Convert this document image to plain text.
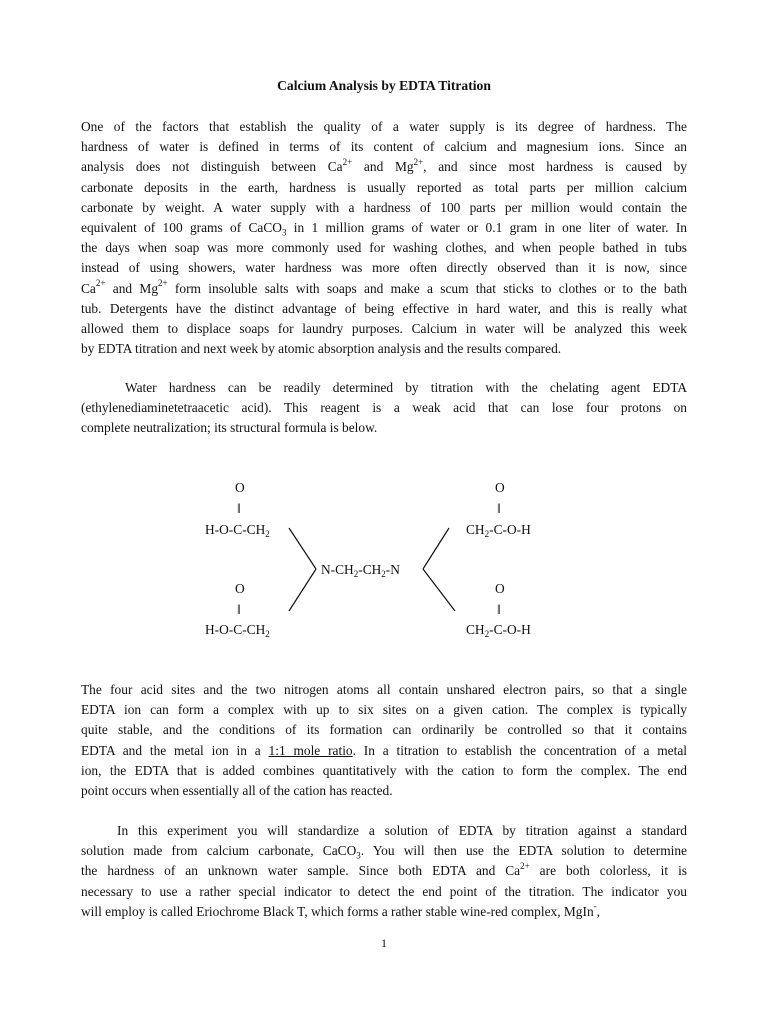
Calcium Analysis by EDTA Titration
One of the factors that establish the quality of a water supply is its degree of hardness. The
hardness of water is defined in terms of its content of calcium and magnesium ions. Since an
analysis does not distinguish between $Ca^{2+}$ and $Mg^{2+}$, and since most hardness is caused by
carbonate deposits in the earth, hardness is usually reported as total parts per million calcium
carbonate by weight. A water supply with a hardness of 100 parts per million would contain the
equivalent of 100 grams of CaCO$_3$ in 1 million grams of water or 0.1 gram in one liter of water. In
the days when soap was more commonly used for washing clothes, and when people bathed in tubs
instead of using showers, water hardness was more often directly observed than it is now, since
$Ca^{2+}$ and $Mg^{2+}$ form insoluble salts with soaps and make a scum that sticks to clothes or to the bath
tub. Detergents have the distinct advantage of being effective in hard water, and this is really what
allowed them to displace soaps for laundry purposes. Calcium in water will be analyzed this week
by EDTA titration and next week by atomic absorption analysis and the results compared.
Water hardness can be readily determined by titration with the chelating agent EDTA
(ethylenediaminetetraacetic acid). This reagent is a weak acid that can lose four protons on
complete neutralization; its structural formula is below.
O
‖
$H-O-C-CH_2$
O
‖
$CH_2-C-O-H$
$N-CH_2-CH_2-N$
O
‖
$H-O-C-CH_2$
O
‖
$CH_2-C-O-H$
The four acid sites and the two nitrogen atoms all contain unshared electron pairs, so that a single
EDTA ion can form a complex with up to six sites on a given cation. The complex is typically
quite stable, and the conditions of its formation can ordinarily be controlled so that it contains
EDTA and the metal ion in a 1:1 mole ratio. In a titration to establish the concentration of a metal
ion, the EDTA that is added combines quantitatively with the cation to form the complex. The end
point occurs when essentially all of the cation has reacted.
In this experiment you will standardize a solution of EDTA by titration against a standard
solution made from calcium carbonate, CaCO$_3$. You will then use the EDTA solution to determine
the hardness of an unknown water sample. Since both EDTA and $Ca^{2+}$ are both colorless, it is
necessary to use a rather special indicator to detect the end point of the titration. The indicator you
will employ is called Eriochrome Black T, which forms a rather stable wine-red complex, MgIn-,
1
